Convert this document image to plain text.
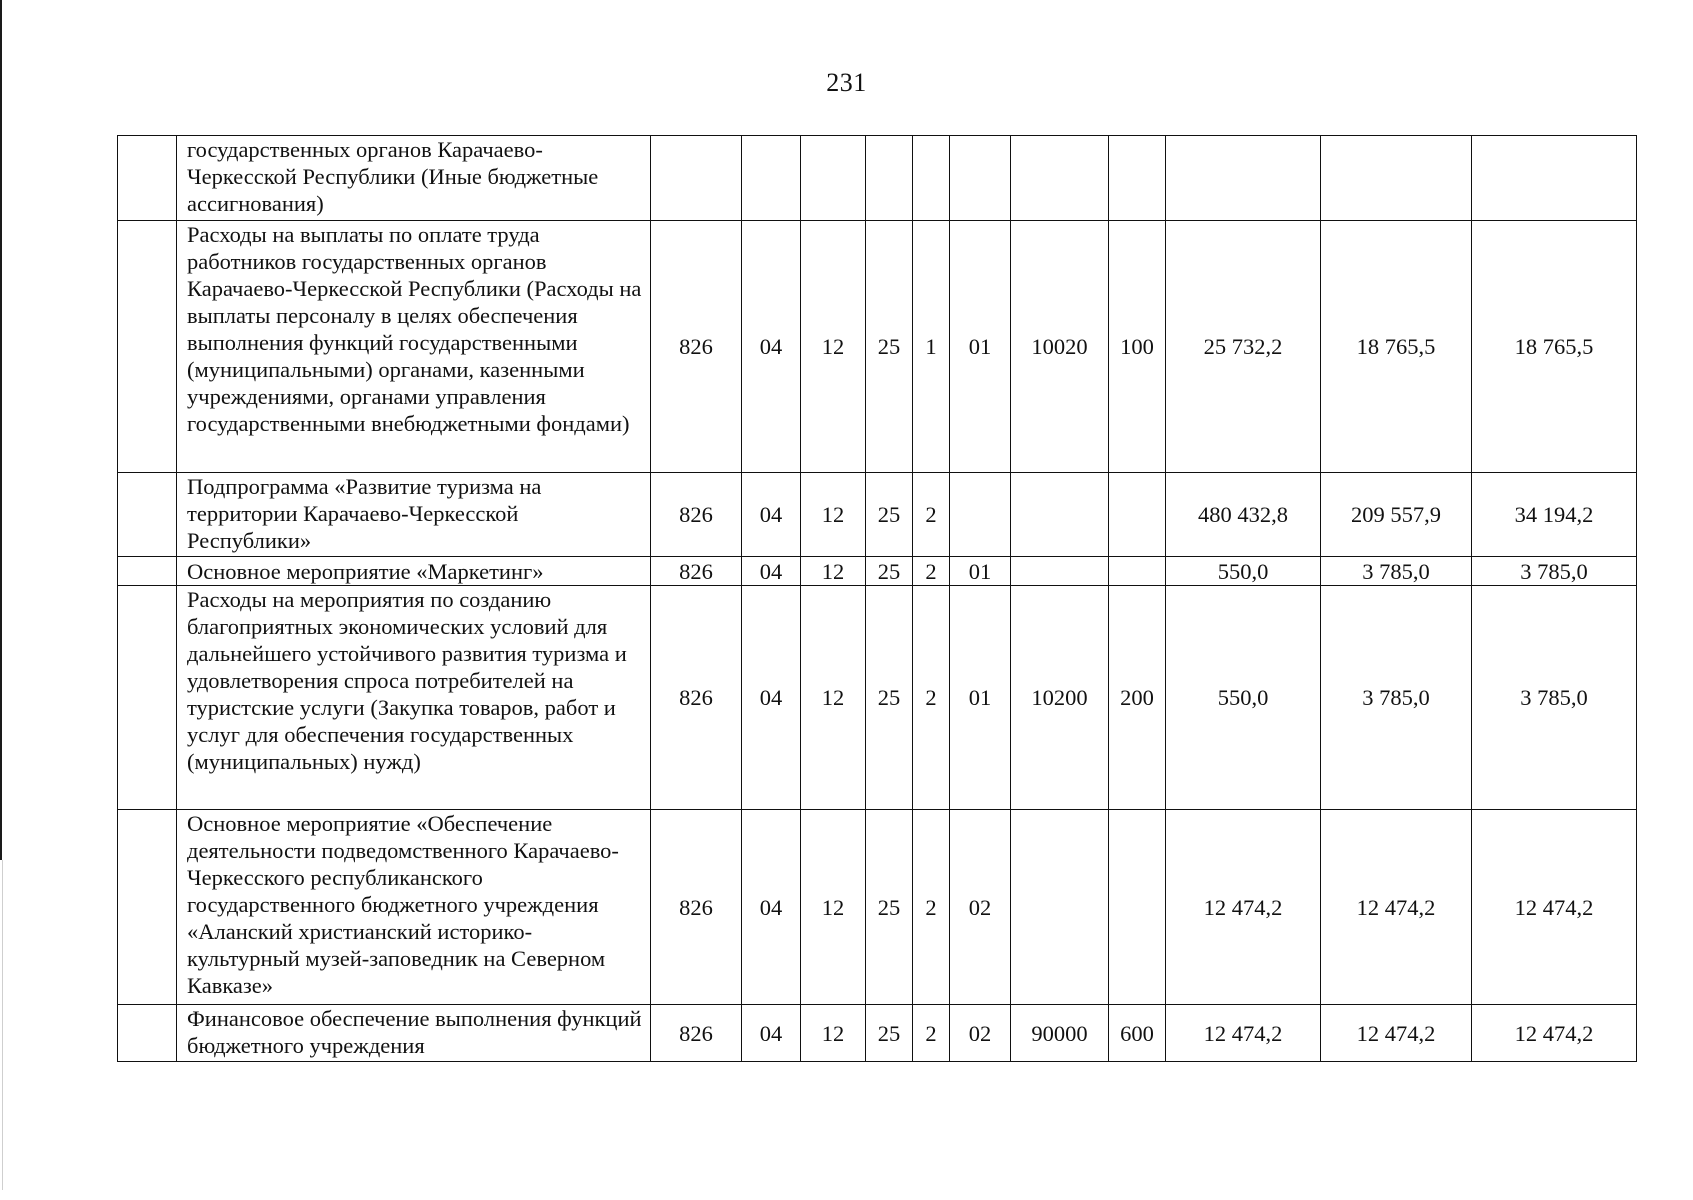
231
	государственных органов Карачаево-Черкесской Республики (Иные бюджетные ассигнования)											
	Расходы на выплаты по оплате труда работников государственных органов Карачаево-Черкесской Республики (Расходы на выплаты персоналу в целях обеспечения выполнения функций государственными (муниципальными) органами, казенными учреждениями, органами управления государственными внебюджетными фондами)	826	04	12	25	1	01	10020	100	25 732,2	18 765,5	18 765,5
	Подпрограмма «Развитие туризма на территории Карачаево-Черкесской Республики»	826	04	12	25	2				480 432,8	209 557,9	34 194,2
	Основное мероприятие «Маркетинг»	826	04	12	25	2	01			550,0	3 785,0	3 785,0
	Расходы на мероприятия по созданию благоприятных экономических условий для дальнейшего устойчивого развития туризма и удовлетворения спроса потребителей на туристские услуги (Закупка товаров, работ и услуг для обеспечения государственных (муниципальных) нужд)	826	04	12	25	2	01	10200	200	550,0	3 785,0	3 785,0
	Основное мероприятие «Обеспечение деятельности подведомственного Карачаево-Черкесского республиканского государственного бюджетного учреждения «Аланский христианский историко-культурный музей-заповедник на Северном Кавказе»	826	04	12	25	2	02			12 474,2	12 474,2	12 474,2
	Финансовое обеспечение выполнения функций бюджетного учреждения	826	04	12	25	2	02	90000	600	12 474,2	12 474,2	12 474,2
